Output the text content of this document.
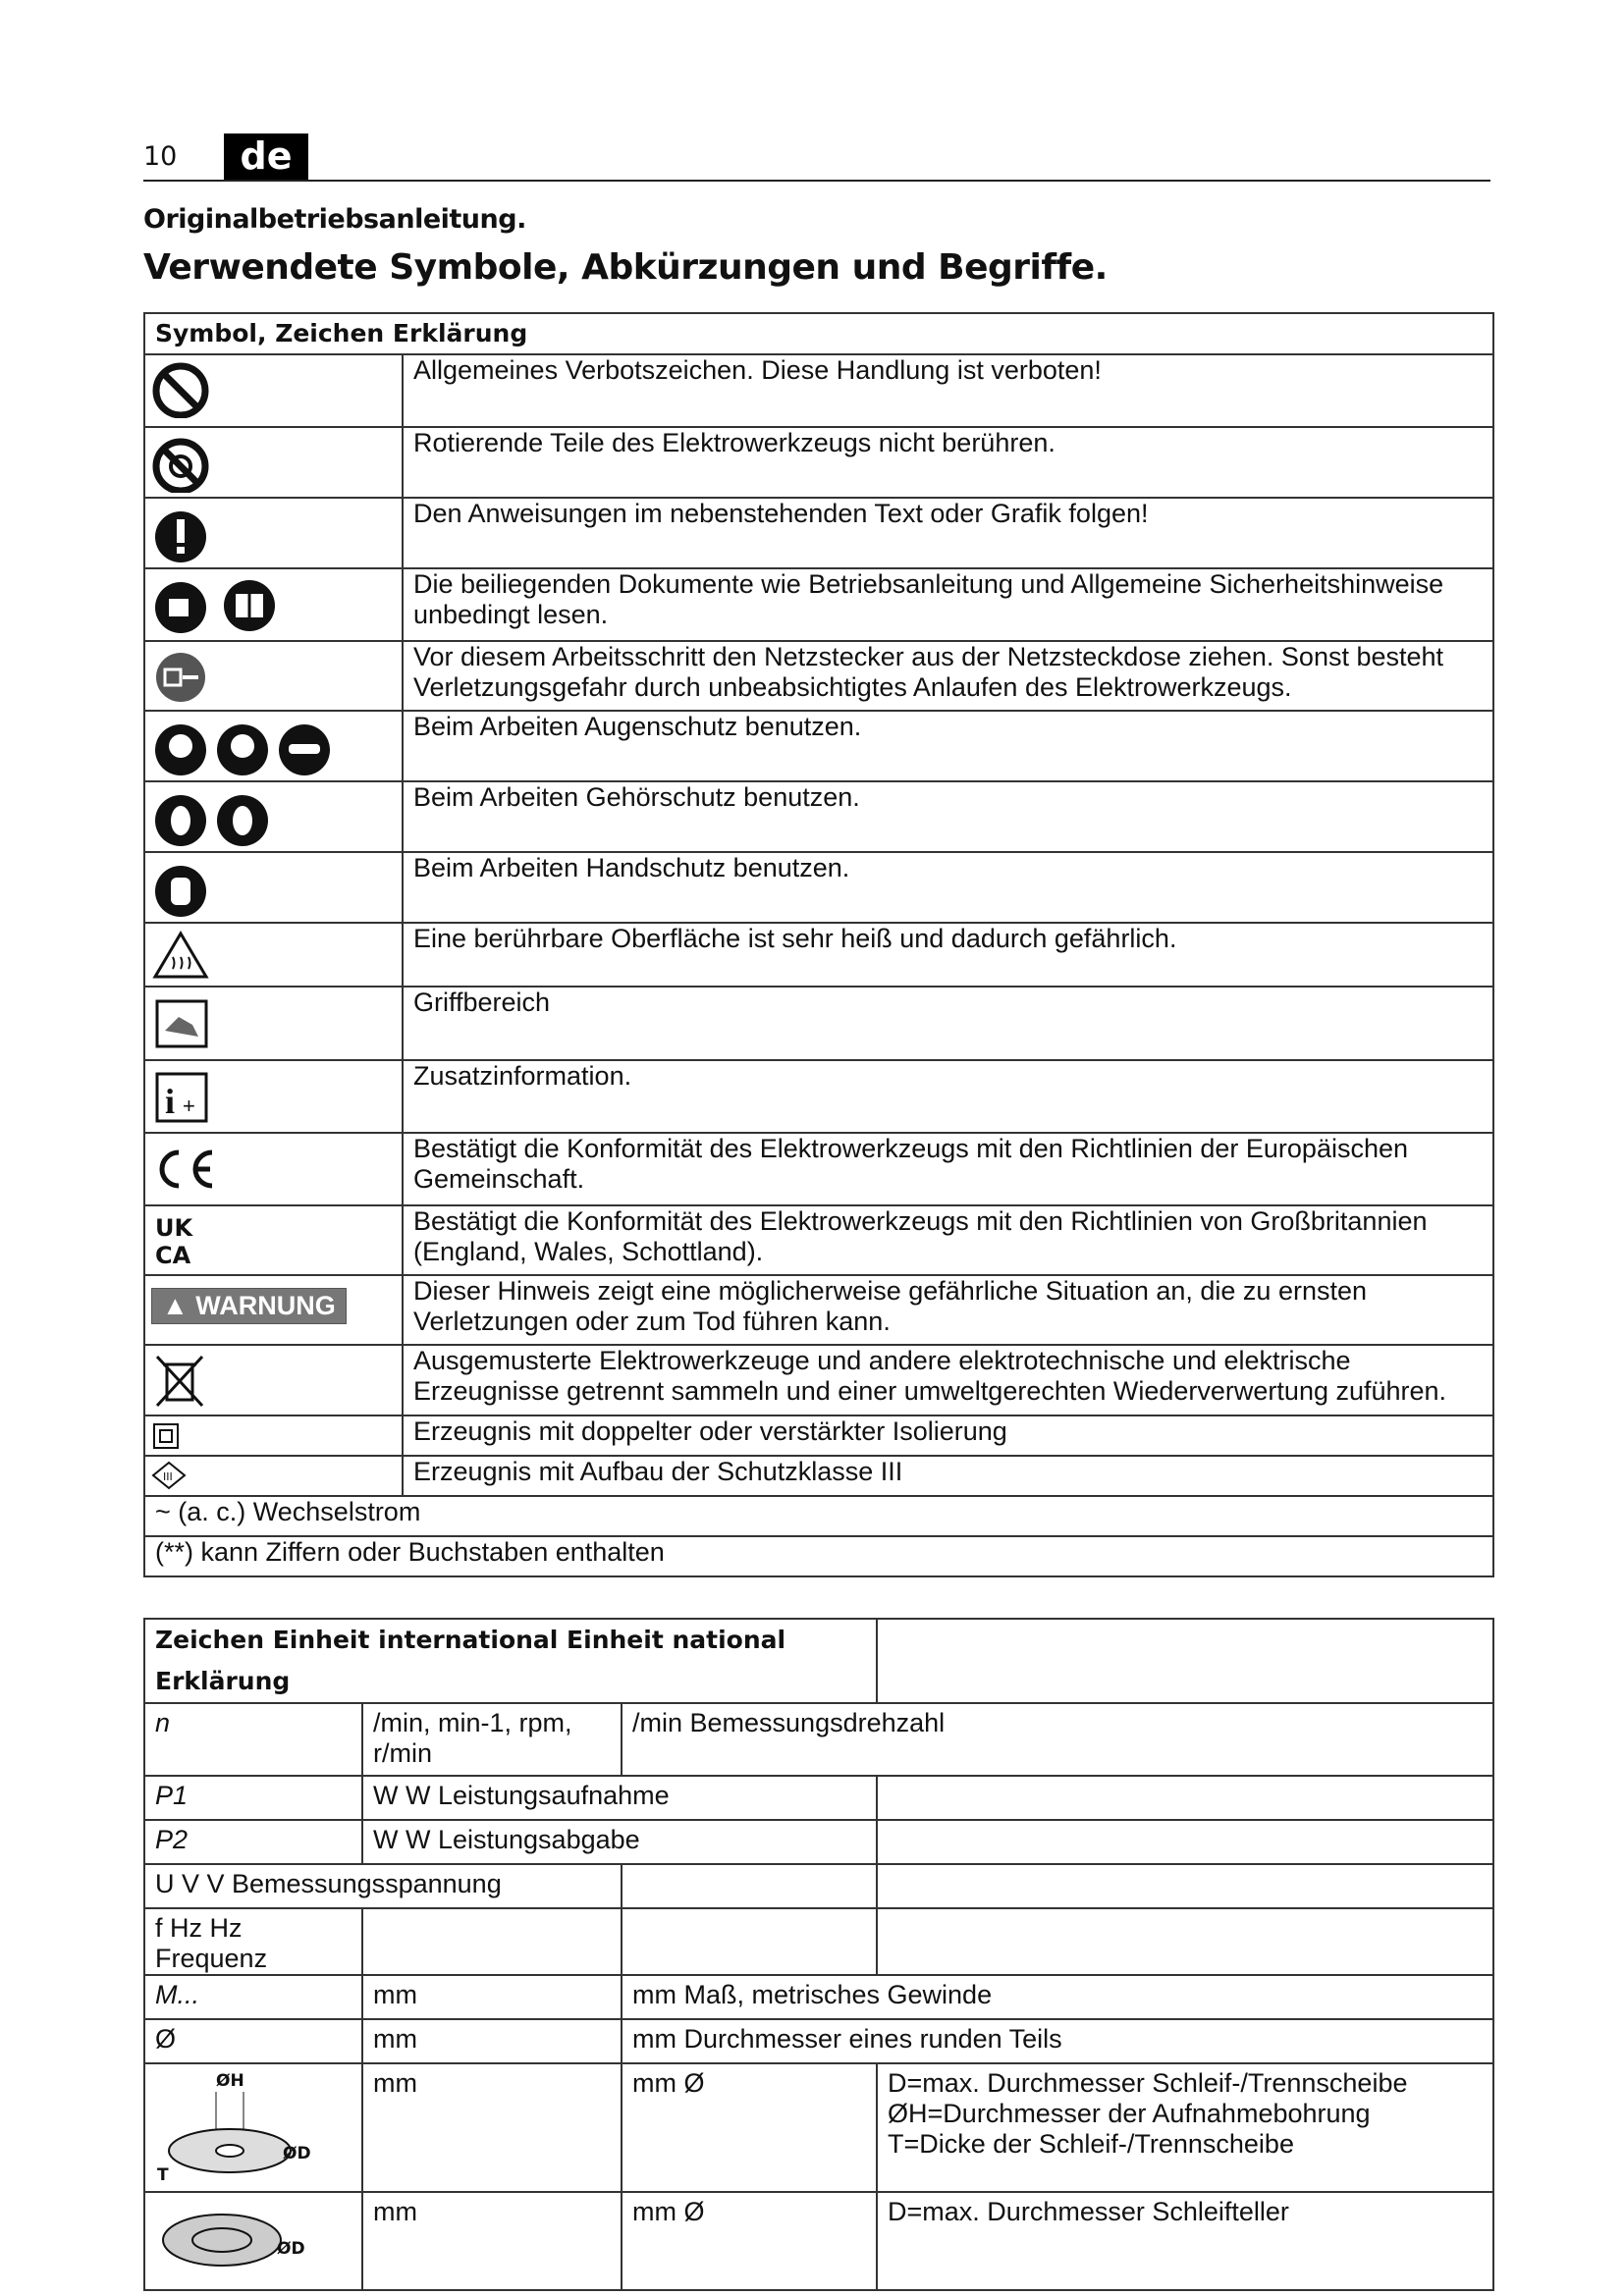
10	de
Originalbetriebsanleitung.
Verwendete Symbole, Abkürzungen und Begriffe.
Symbol, Zeichen Erklärung	

	Allgemeines Verbotszeichen. Diese Handlung ist verboten!

	Rotierende Teile des Elektrowerkzeugs nicht berühren.

	Den Anweisungen im nebenstehenden Text oder Grafik folgen!

	Die beiliegenden Dokumente wie Betriebsanleitung und Allgemeine Sicherheitshinweise unbedingt lesen.

	Vor diesem Arbeitsschritt den Netzstecker aus der Netzsteckdose ziehen. Sonst besteht Verletzungsgefahr durch unbeabsichtigtes Anlaufen des Elektrowerkzeugs.

	Beim Arbeiten Augenschutz benutzen.

	Beim Arbeiten Gehörschutz benutzen.

	Beim Arbeiten Handschutz benutzen.

	Eine berührbare Oberfläche ist sehr heiß und dadurch gefährlich.

	Griffbereich

i +	Zusatzinformation.

	Bestätigt die Konformität des Elektrowerkzeugs mit den Richtlinien der Europäischen Gemeinschaft.

UK
CA	Bestätigt die Konformität des Elektrowerkzeugs mit den Richtlinien von Großbritannien (England, Wales, Schottland).
▲ WARNUNG	Dieser Hinweis zeigt eine möglicherweise gefährliche Situation an, die zu ernsten Verletzungen oder zum Tod führen kann.

	Ausgemusterte Elektrowerkzeuge und andere elektrotechnische und elektrische Erzeugnisse getrennt sammeln und einer umweltgerechten Wiederverwertung zuführen.

	Erzeugnis mit doppelter oder verstärkter Isolierung

III	Erzeugnis mit Aufbau der Schutzklasse III
~ (a. c.) Wechselstrom	
(**) kann Ziffern oder Buchstaben enthalten	
Zeichen Einheit international Einheit national Erklärung			
n	/min, min-1, rpm, r/min	/min Bemessungsdrehzahl	
P1	W W Leistungsaufnahme		
P2	W W Leistungsabgabe		
U V V Bemessungsspannung			
f Hz Hz Frequenz			
M...	mm	mm Maß, metrisches Gewinde	
Ø	mm	mm Durchmesser eines runden Teils	

ØH
ØD
T	mm	mm Ø	D=max. Durchmesser Schleif-/Trennscheibe
ØH=Durchmesser der Aufnahmebohrung
T=Dicke der Schleif-/Trennscheibe

ØD	mm	mm Ø	D=max. Durchmesser Schleifteller
